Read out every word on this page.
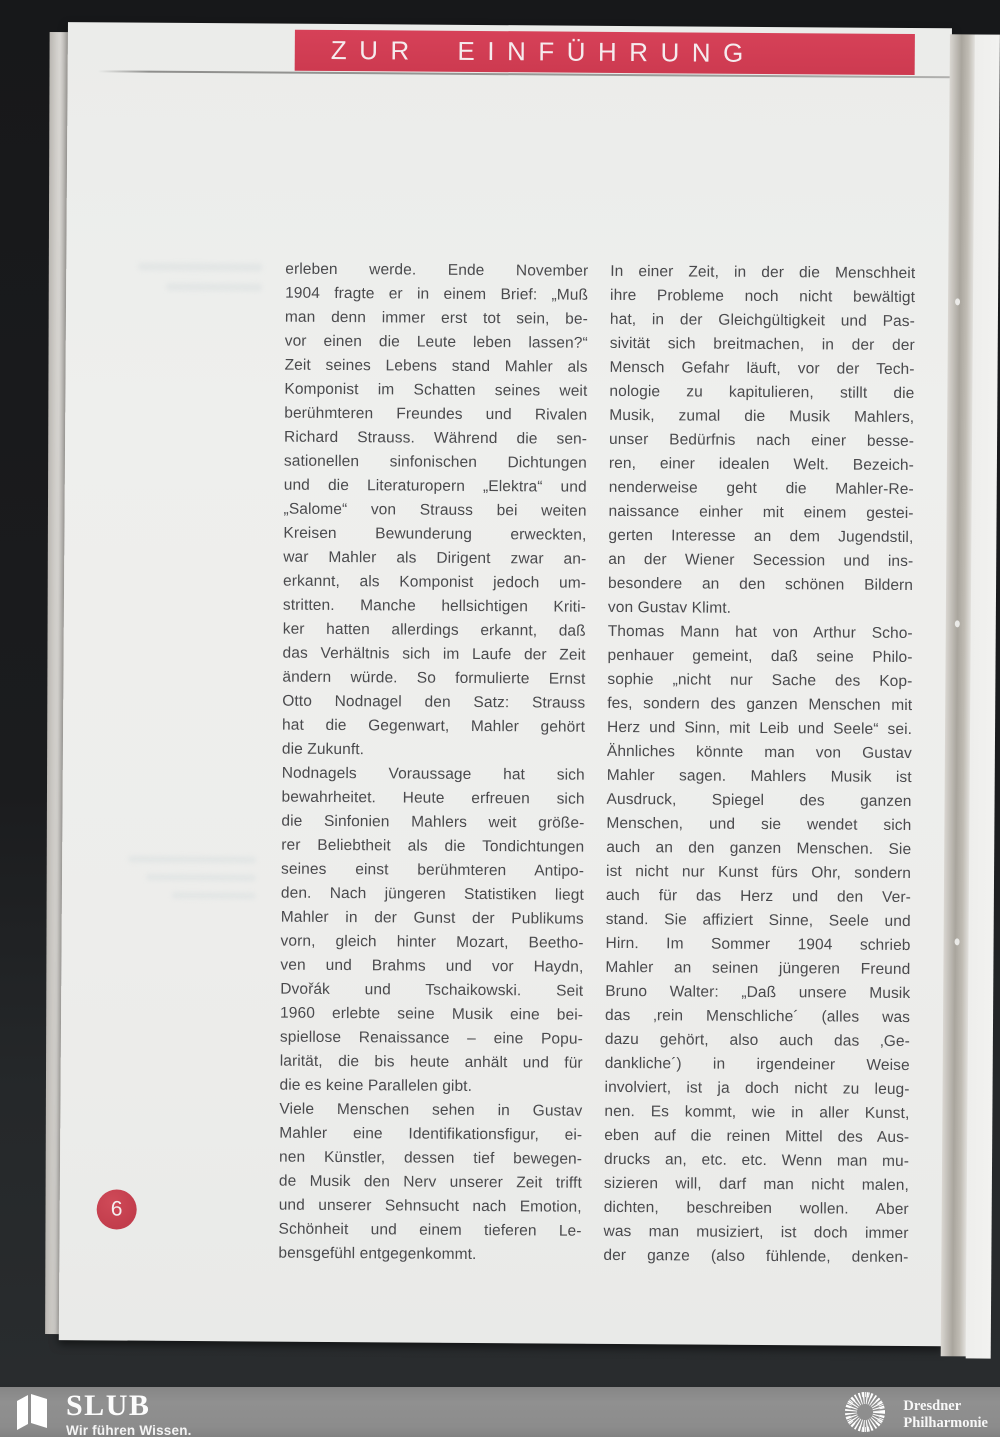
ZUR EINFÜHRUNG
erleben werde. Ende November
1904 fragte er in einem Brief: „Muß
man denn immer erst tot sein, be-
vor einen die Leute leben lassen?“
Zeit seines Lebens stand Mahler als
Komponist im Schatten seines weit
berühmteren Freundes und Rivalen
Richard Strauss. Während die sen-
sationellen sinfonischen Dichtungen
und die Literaturopern „Elektra“ und
„Salome“ von Strauss bei weiten
Kreisen Bewunderung erweckten,
war Mahler als Dirigent zwar an-
erkannt, als Komponist jedoch um-
stritten. Manche hellsichtigen Kriti-
ker hatten allerdings erkannt, daß
das Verhältnis sich im Laufe der Zeit
ändern würde. So formulierte Ernst
Otto Nodnagel den Satz: Strauss
hat die Gegenwart, Mahler gehört
die Zukunft.
Nodnagels Voraussage hat sich
bewahrheitet. Heute erfreuen sich
die Sinfonien Mahlers weit größe-
rer Beliebtheit als die Tondichtungen
seines einst berühmteren Antipo-
den. Nach jüngeren Statistiken liegt
Mahler in der Gunst der Publikums
vorn, gleich hinter Mozart, Beetho-
ven und Brahms und vor Haydn,
Dvořák und Tschaikowski. Seit
1960 erlebte seine Musik eine bei-
spiellose Renaissance – eine Popu-
larität, die bis heute anhält und für
die es keine Parallelen gibt.
Viele Menschen sehen in Gustav
Mahler eine Identifikationsfigur, ei-
nen Künstler, dessen tief bewegen-
de Musik den Nerv unserer Zeit trifft
und unserer Sehnsucht nach Emotion,
Schönheit und einem tieferen Le-
bensgefühl entgegenkommt.
In einer Zeit, in der die Menschheit
ihre Probleme noch nicht bewältigt
hat, in der Gleichgültigkeit und Pas-
sivität sich breitmachen, in der der
Mensch Gefahr läuft, vor der Tech-
nologie zu kapitulieren, stillt die
Musik, zumal die Musik Mahlers,
unser Bedürfnis nach einer besse-
ren, einer idealen Welt. Bezeich-
nenderweise geht die Mahler-Re-
naissance einher mit einem gestei-
gerten Interesse an dem Jugendstil,
an der Wiener Secession und ins-
besondere an den schönen Bildern
von Gustav Klimt.
Thomas Mann hat von Arthur Scho-
penhauer gemeint, daß seine Philo-
sophie „nicht nur Sache des Kop-
fes, sondern des ganzen Menschen mit
Herz und Sinn, mit Leib und Seele“ sei.
Ähnliches könnte man von Gustav
Mahler sagen. Mahlers Musik ist
Ausdruck, Spiegel des ganzen
Menschen, und sie wendet sich
auch an den ganzen Menschen. Sie
ist nicht nur Kunst fürs Ohr, sondern
auch für das Herz und den Ver-
stand. Sie affiziert Sinne, Seele und
Hirn. Im Sommer 1904 schrieb
Mahler an seinen jüngeren Freund
Bruno Walter: „Daß unsere Musik
das ‚rein Menschliche´ (alles was
dazu gehört, also auch das ‚Ge-
dankliche´) in irgendeiner Weise
involviert, ist ja doch nicht zu leug-
nen. Es kommt, wie in aller Kunst,
eben auf die reinen Mittel des Aus-
drucks an, etc. etc. Wenn man mu-
sizieren will, darf man nicht malen,
dichten, beschreiben wollen. Aber
was man musiziert, ist doch immer
der ganze (also fühlende, denken-
6
SLUB
Wir führen Wissen.
Dresdner
Philharmonie
